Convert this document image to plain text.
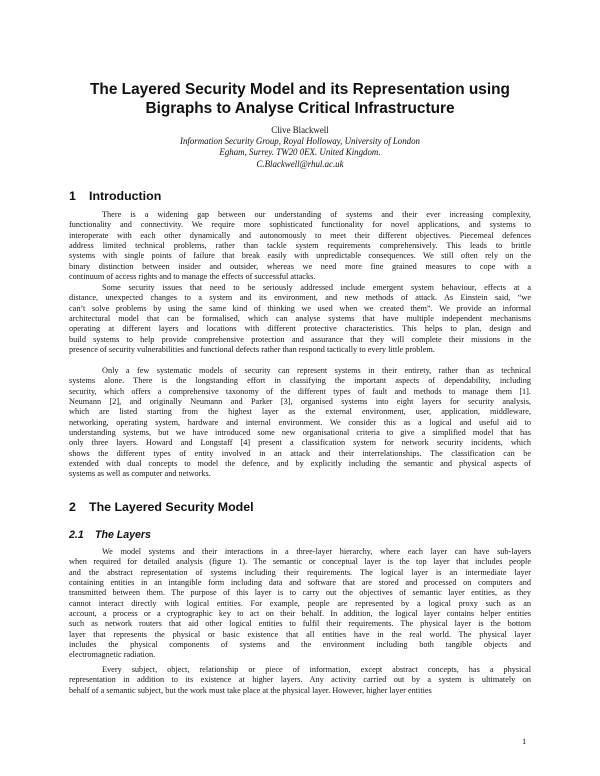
The Layered Security Model and its Representation using
Bigraphs to Analyse Critical Infrastructure
Clive Blackwell
Information Security Group, Royal Holloway, University of London
Egham, Surrey. TW20 0EX. United Kingdom.
C.Blackwell@rhul.ac.uk
1 Introduction
There is a widening gap between our understanding of systems and their ever increasing complexity,
functionality and connectivity. We require more sophisticated functionality for novel applications, and systems to
interoperate with each other dynamically and autonomously to meet their different objectives. Piecemeal defences
address limited technical problems, rather than tackle system requirements comprehensively. This leads to brittle
systems with single points of failure that break easily with unpredictable consequences. We still often rely on the
binary distinction between insider and outsider, whereas we need more fine grained measures to cope with a
continuum of access rights and to manage the effects of successful attacks.
Some security issues that need to be seriously addressed include emergent system behaviour, effects at a
distance, unexpected changes to a system and its environment, and new methods of attack. As Einstein said, “we
can’t solve problems by using the same kind of thinking we used when we created them”. We provide an informal
architectural model that can be formalised, which can analyse systems that have multiple independent mechanisms
operating at different layers and locations with different protective characteristics. This helps to plan, design and
build systems to help provide comprehensive protection and assurance that they will complete their missions in the
presence of security vulnerabilities and functional defects rather than respond tactically to every little problem.
Only a few systematic models of security can represent systems in their entirety, rather than as technical
systems alone. There is the longstanding effort in classifying the important aspects of dependability, including
security, which offers a comprehensive taxonomy of the different types of fault and methods to manage them [1].
Neumann [2], and originally Neumann and Parker [3], organised systems into eight layers for security analysis,
which are listed starting from the highest layer as the external environment, user, application, middleware,
networking, operating system, hardware and internal environment. We consider this as a logical and useful aid to
understanding systems, but we have introduced some new organisational criteria to give a simplified model that has
only three layers. Howard and Longstaff [4] present a classification system for network security incidents, which
shows the different types of entity involved in an attack and their interrelationships. The classification can be
extended with dual concepts to model the defence, and by explicitly including the semantic and physical aspects of
systems as well as computer and networks.
2 The Layered Security Model
2.1 The Layers
We model systems and their interactions in a three-layer hierarchy, where each layer can have sub-layers
when required for detailed analysis (figure 1). The semantic or conceptual layer is the top layer that includes people
and the abstract representation of systems including their requirements. The logical layer is an intermediate layer
containing entities in an intangible form including data and software that are stored and processed on computers and
transmitted between them. The purpose of this layer is to carry out the objectives of semantic layer entities, as they
cannot interact directly with logical entities. For example, people are represented by a logical proxy such as an
account, a process or a cryptographic key to act on their behalf. In addition, the logical layer contains helper entities
such as network routers that aid other logical entities to fulfil their requirements. The physical layer is the bottom
layer that represents the physical or basic existence that all entities have in the real world. The physical layer
includes the physical components of systems and the environment including both tangible objects and
electromagnetic radiation.
Every subject, object, relationship or piece of information, except abstract concepts, has a physical
representation in addition to its existence at higher layers. Any activity carried out by a system is ultimately on
behalf of a semantic subject, but the work must take place at the physical layer. However, higher layer entities
1
